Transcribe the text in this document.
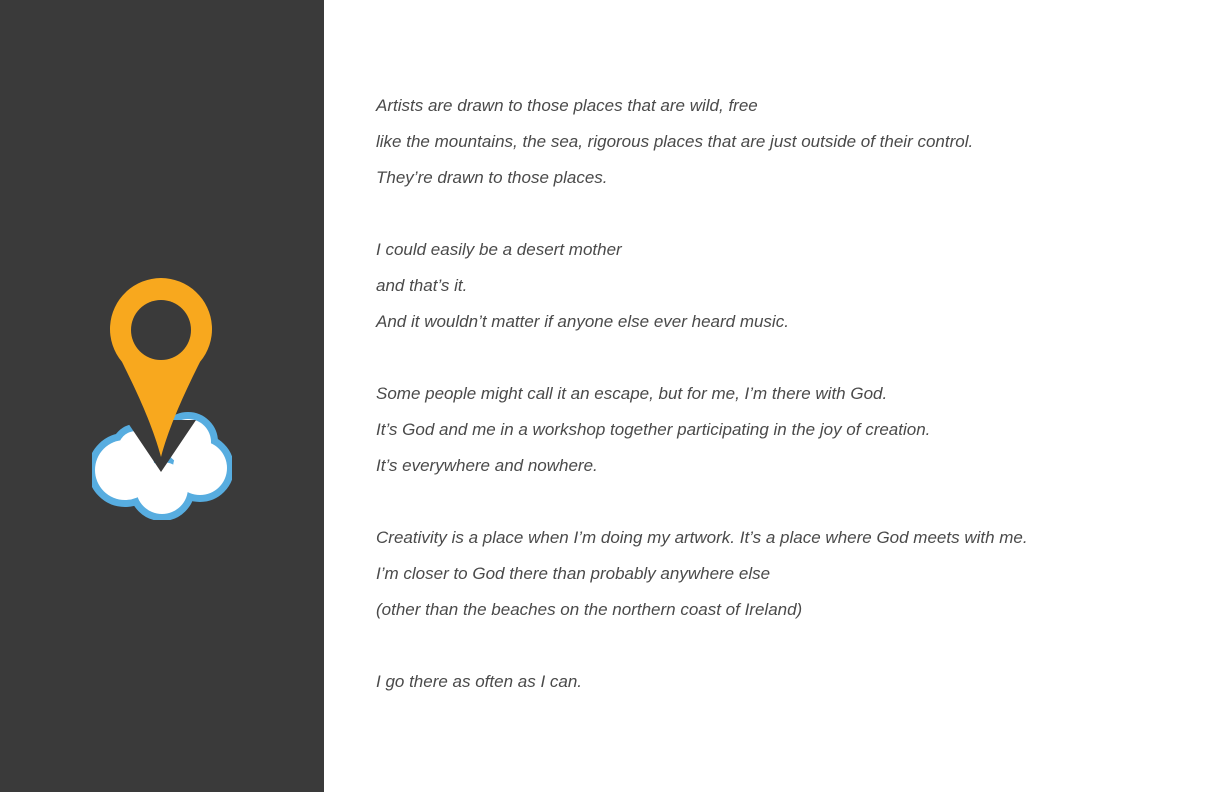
Artists are drawn to those places that are wild, free
like the mountains, the sea, rigorous places that are just outside of their control.
They’re drawn to those places.

I could easily be a desert mother
and that’s it.
And it wouldn’t matter if anyone else ever heard music.

Some people might call it an escape, but for me, I’m there with God.
It’s God and me in a workshop together participating in the joy of creation.
It’s everywhere and nowhere.

Creativity is a place when I’m doing my artwork. It’s a place where God meets with me.
I’m closer to God there than probably anywhere else
(other than the beaches on the northern coast of Ireland)

I go there as often as I can.
